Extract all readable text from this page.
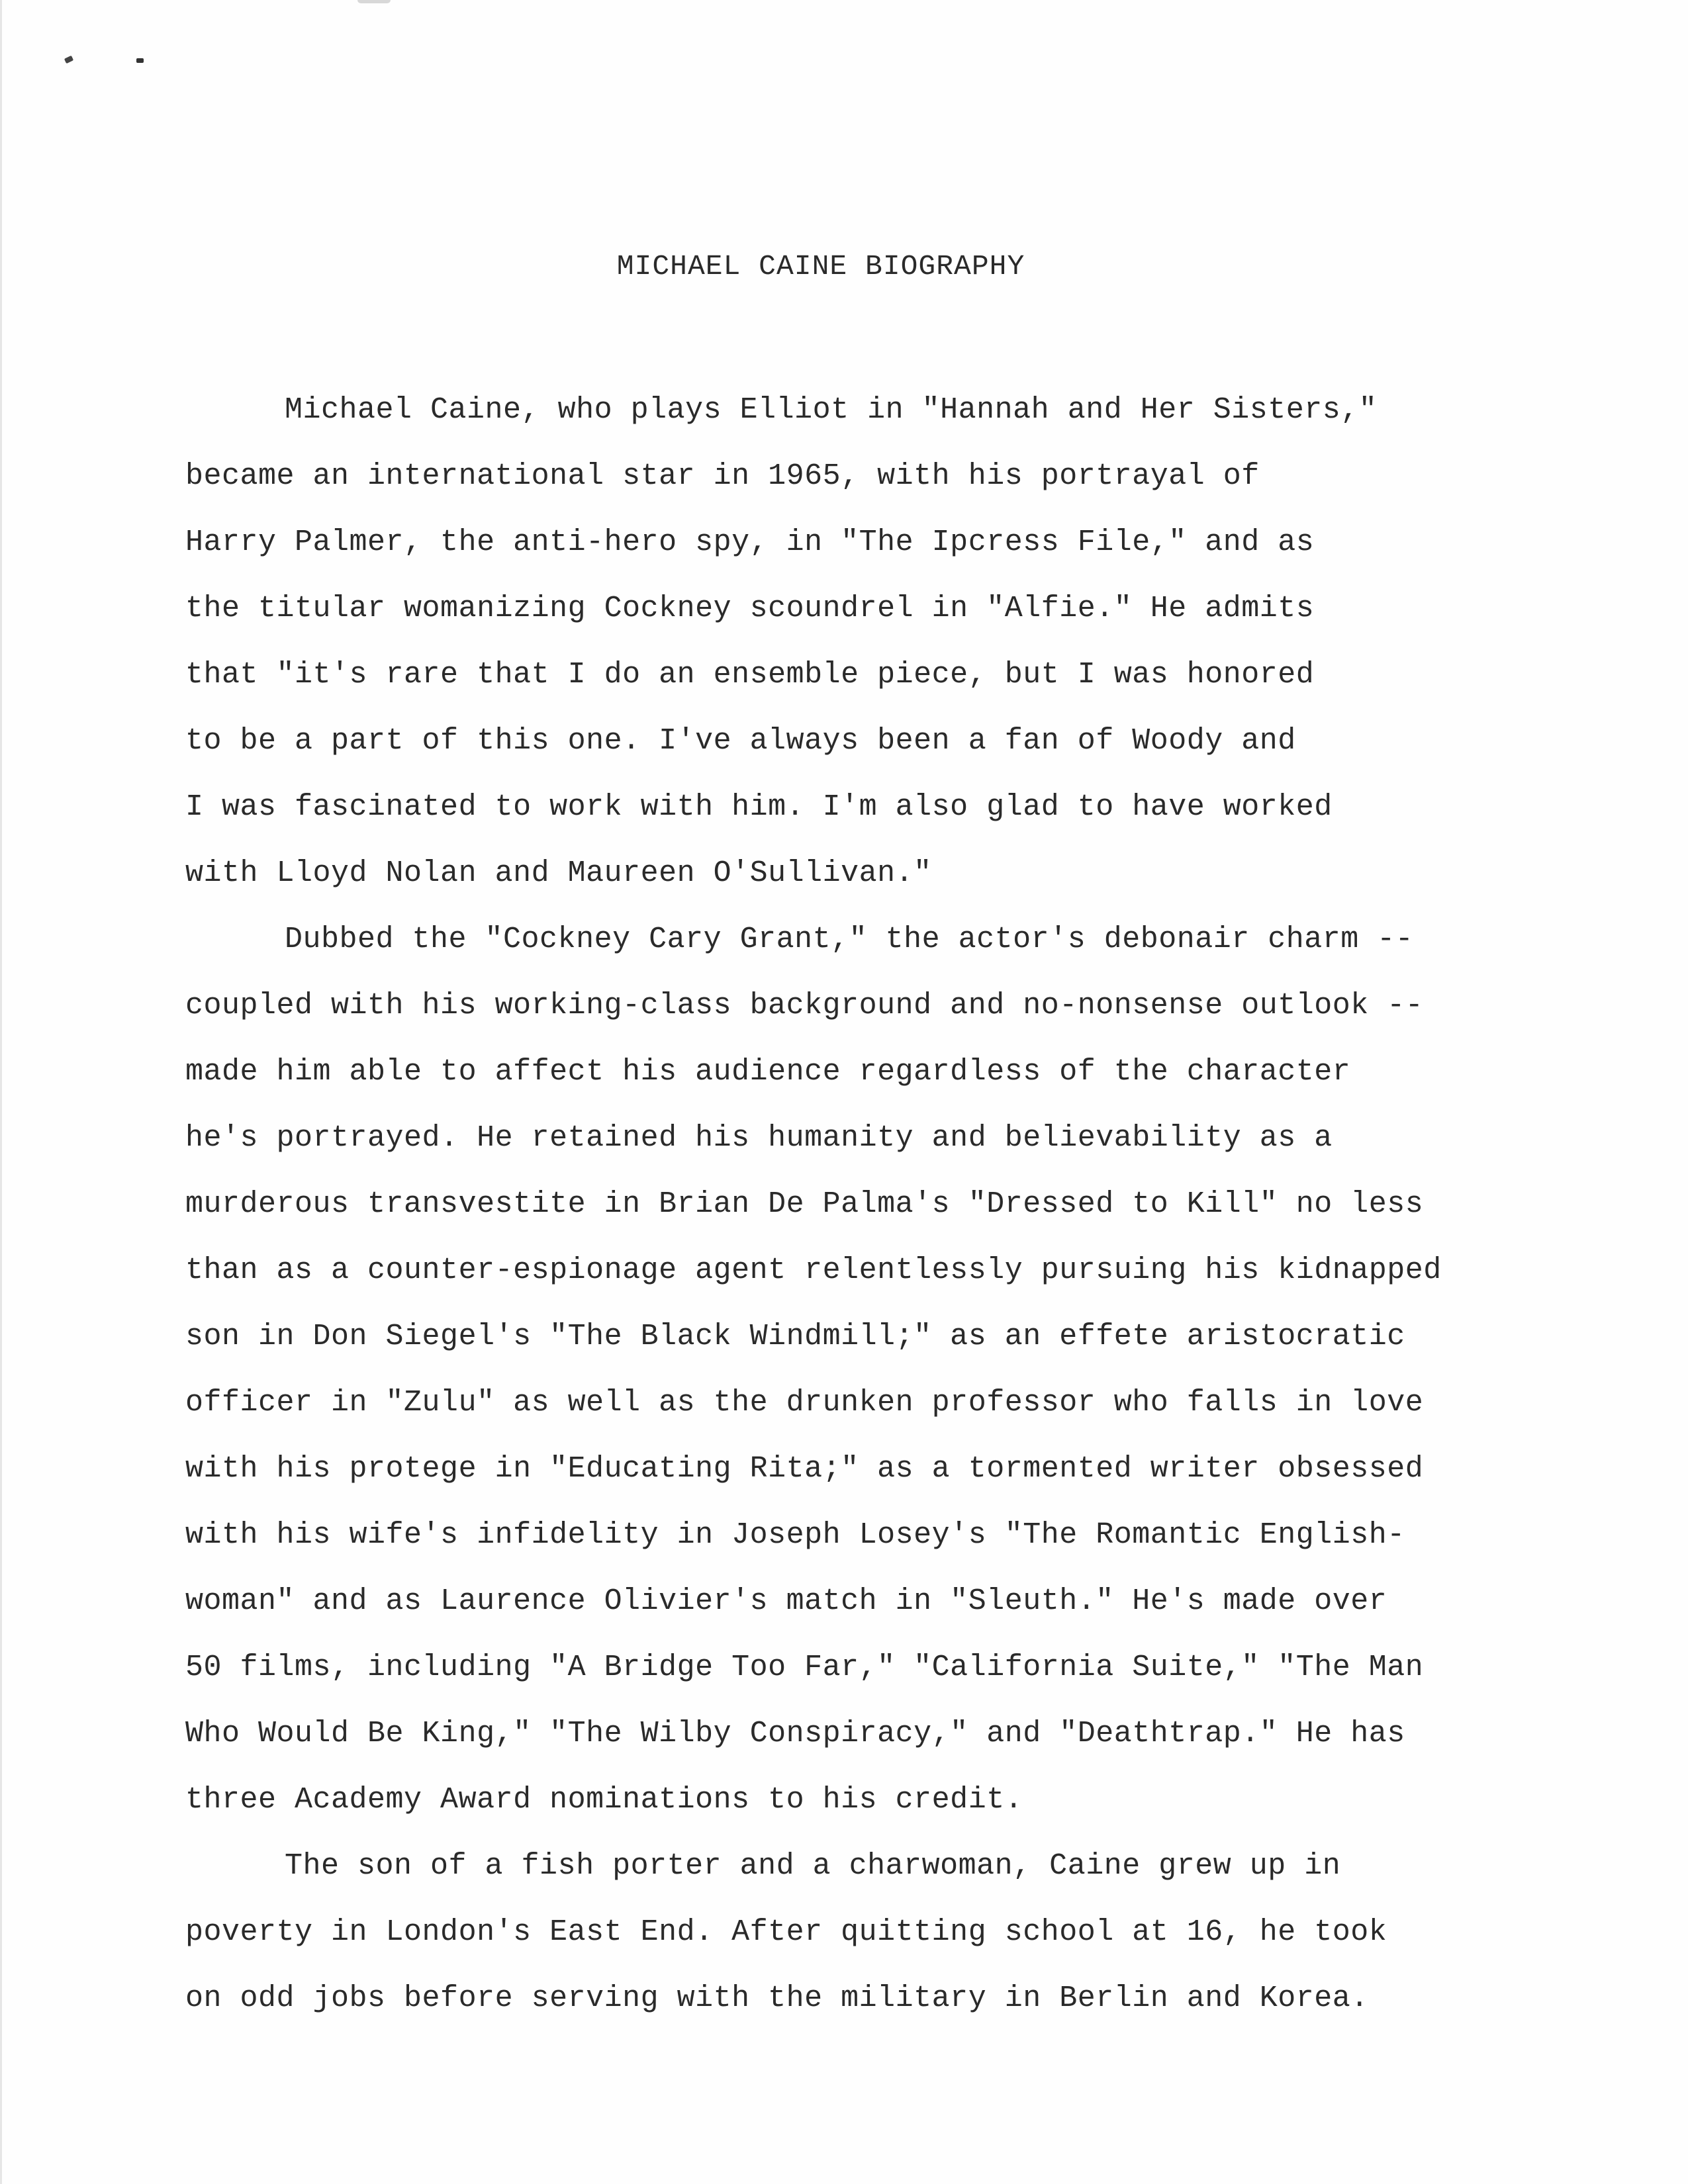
MICHAEL CAINE BIOGRAPHY
Michael Caine, who plays Elliot in "Hannah and Her Sisters,"
became an international star in 1965, with his portrayal of
Harry Palmer, the anti-hero spy, in "The Ipcress File," and as
the titular womanizing Cockney scoundrel in "Alfie." He admits
that "it's rare that I do an ensemble piece, but I was honored
to be a part of this one. I've always been a fan of Woody and
I was fascinated to work with him. I'm also glad to have worked
with Lloyd Nolan and Maureen O'Sullivan."
Dubbed the "Cockney Cary Grant," the actor's debonair charm --
coupled with his working-class background and no-nonsense outlook --
made him able to affect his audience regardless of the character
he's portrayed. He retained his humanity and believability as a
murderous transvestite in Brian De Palma's "Dressed to Kill" no less
than as a counter-espionage agent relentlessly pursuing his kidnapped
son in Don Siegel's "The Black Windmill;" as an effete aristocratic
officer in "Zulu" as well as the drunken professor who falls in love
with his protege in "Educating Rita;" as a tormented writer obsessed
with his wife's infidelity in Joseph Losey's "The Romantic English-
woman" and as Laurence Olivier's match in "Sleuth." He's made over
50 films, including "A Bridge Too Far," "California Suite," "The Man
Who Would Be King," "The Wilby Conspiracy," and "Deathtrap." He has
three Academy Award nominations to his credit.
The son of a fish porter and a charwoman, Caine grew up in
poverty in London's East End. After quitting school at 16, he took
on odd jobs before serving with the military in Berlin and Korea.
